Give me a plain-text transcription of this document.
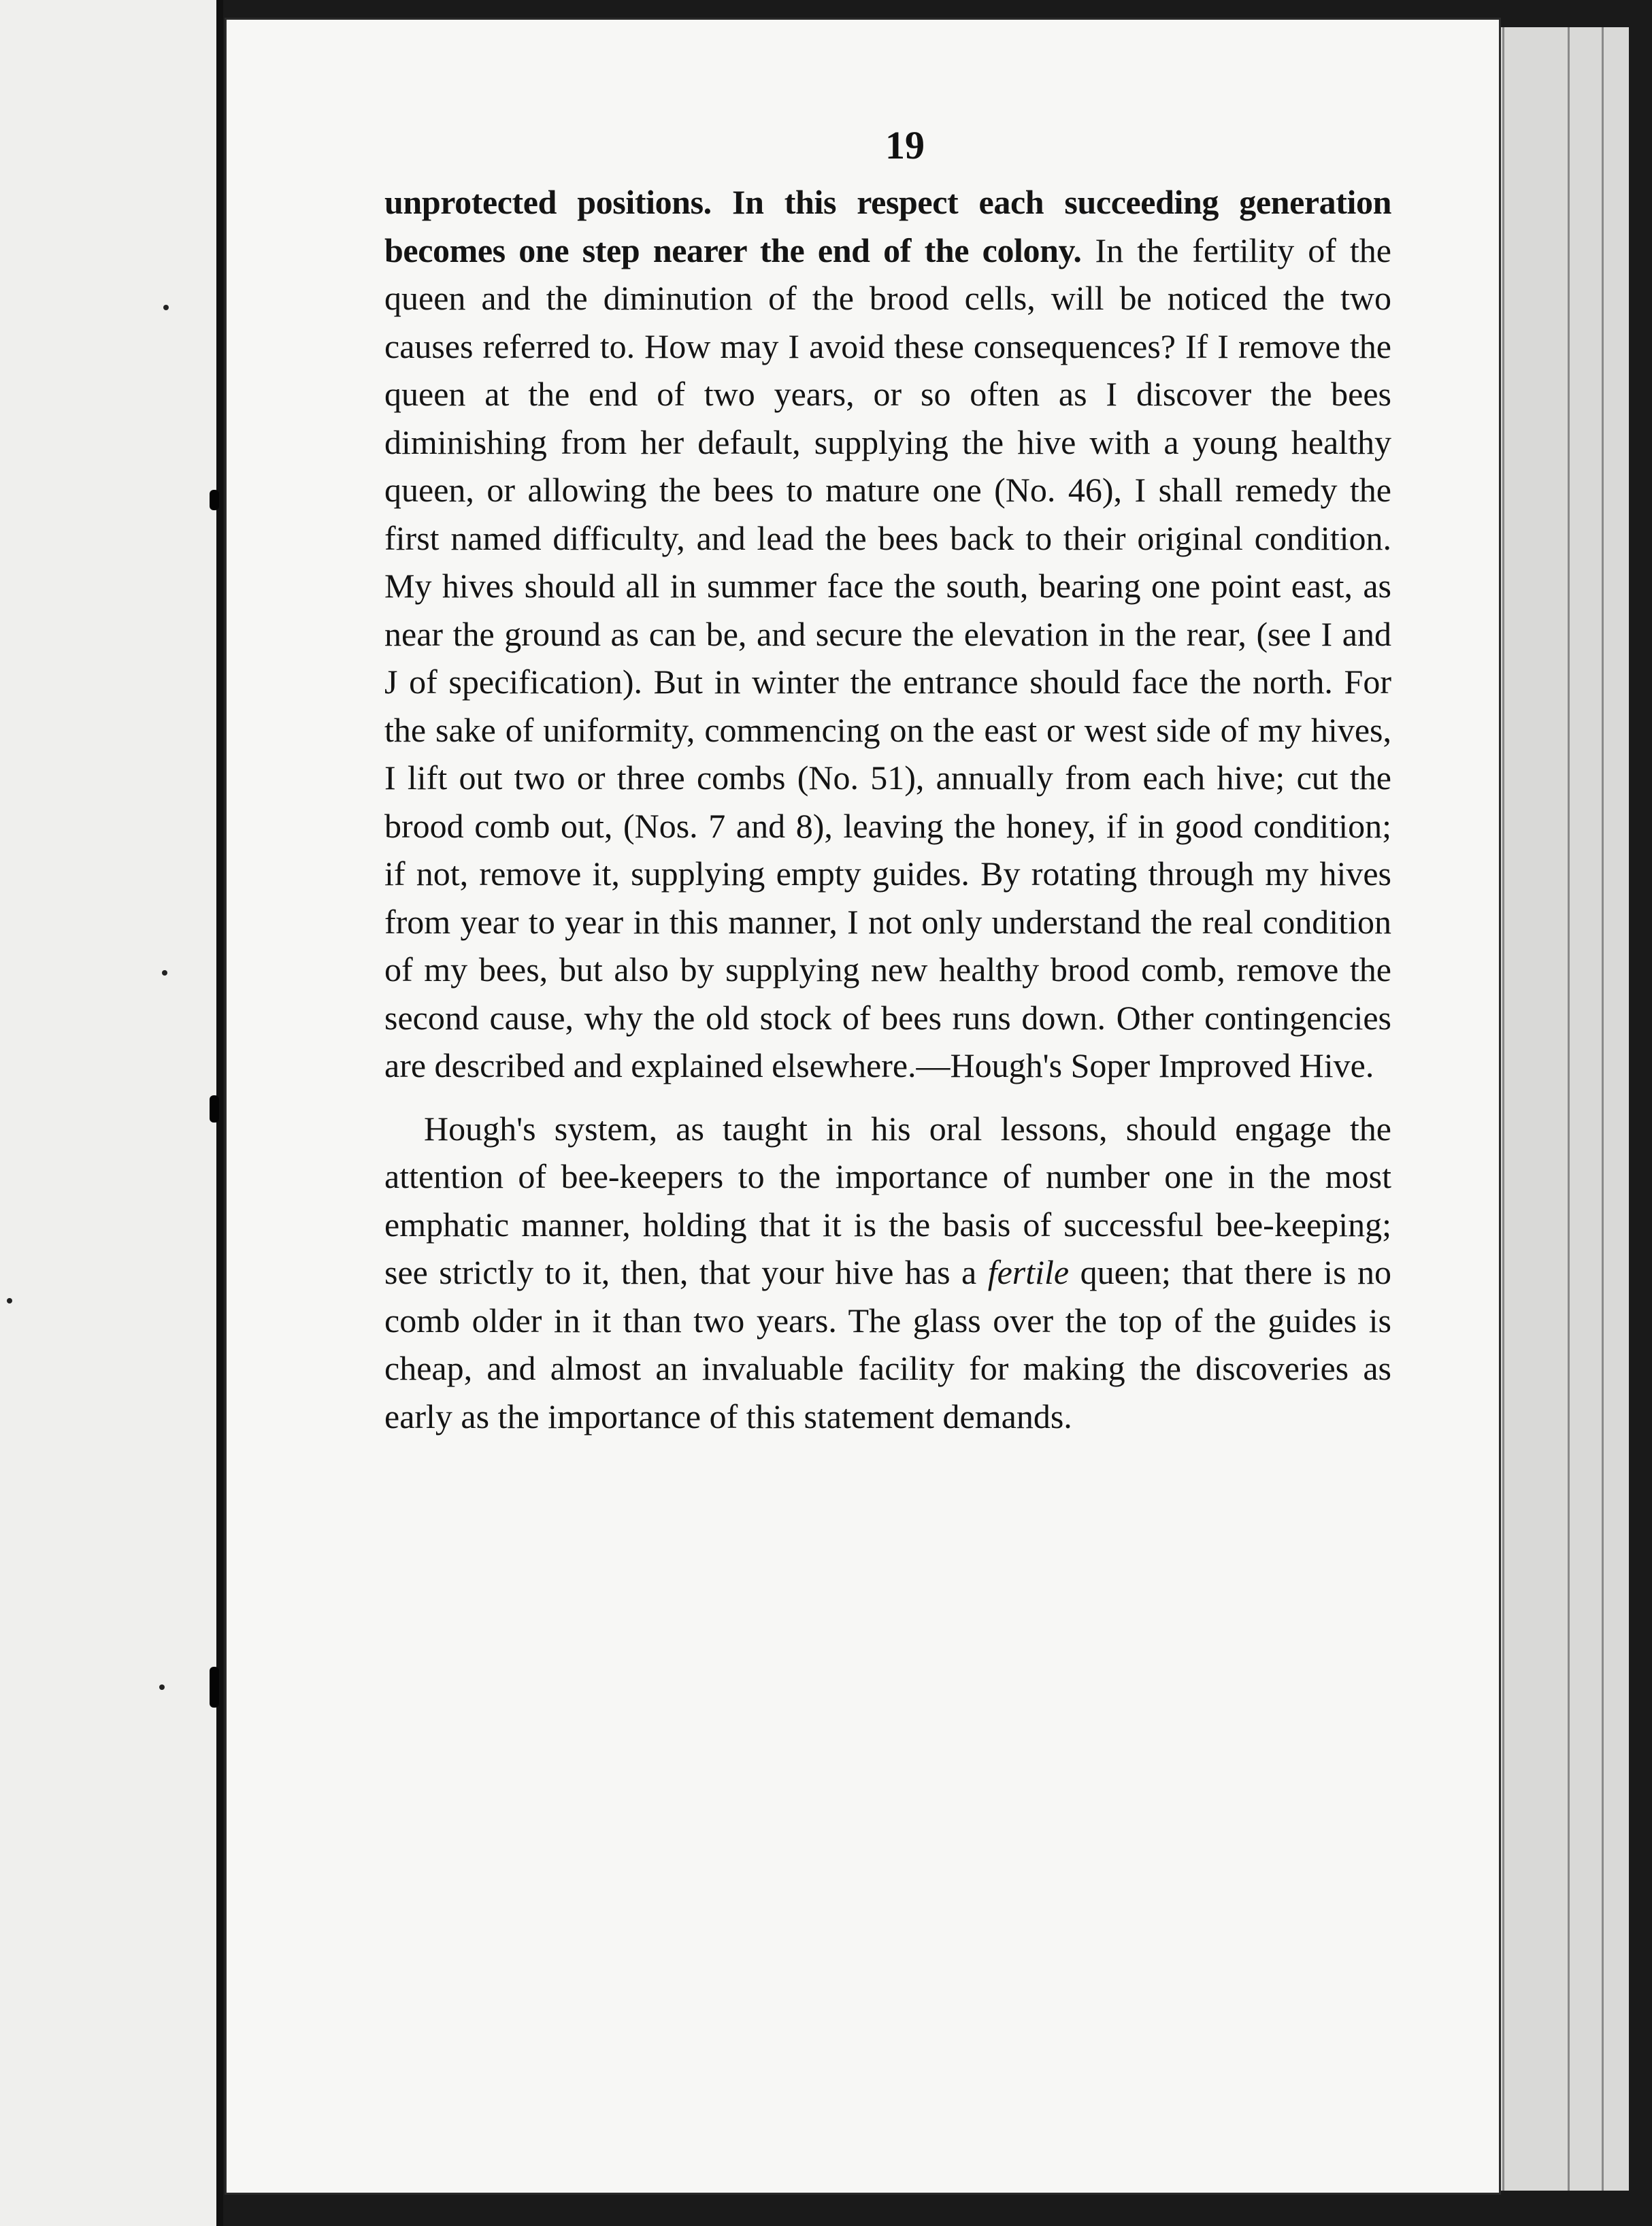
19

unprotected positions. In this respect each succeeding generation becomes one step nearer the end of the colony. In the fertility of the queen and the diminution of the brood cells, will be noticed the two causes referred to. How may I avoid these consequences? If I remove the queen at the end of two years, or so often as I discover the bees diminishing from her default, supplying the hive with a young healthy queen, or allowing the bees to mature one (No. 46), I shall remedy the first named difficulty, and lead the bees back to their original condition. My hives should all in summer face the south, bearing one point east, as near the ground as can be, and secure the elevation in the rear, (see I and J of specification). But in winter the entrance should face the north. For the sake of uniformity, commencing on the east or west side of my hives, I lift out two or three combs (No. 51), annually from each hive; cut the brood comb out, (Nos. 7 and 8), leaving the honey, if in good condition; if not, remove it, supplying empty guides. By rotating through my hives from year to year in this manner, I not only understand the real condition of my bees, but also by supplying new healthy brood comb, remove the second cause, why the old stock of bees runs down. Other contingencies are described and explained elsewhere.—Hough's Soper Improved Hive.

Hough's system, as taught in his oral lessons, should engage the attention of bee-keepers to the importance of number one in the most emphatic manner, holding that it is the basis of successful bee-keeping; see strictly to it, then, that your hive has a fertile queen; that there is no comb older in it than two years. The glass over the top of the guides is cheap, and almost an invaluable facility for making the discoveries as early as the importance of this statement demands.
